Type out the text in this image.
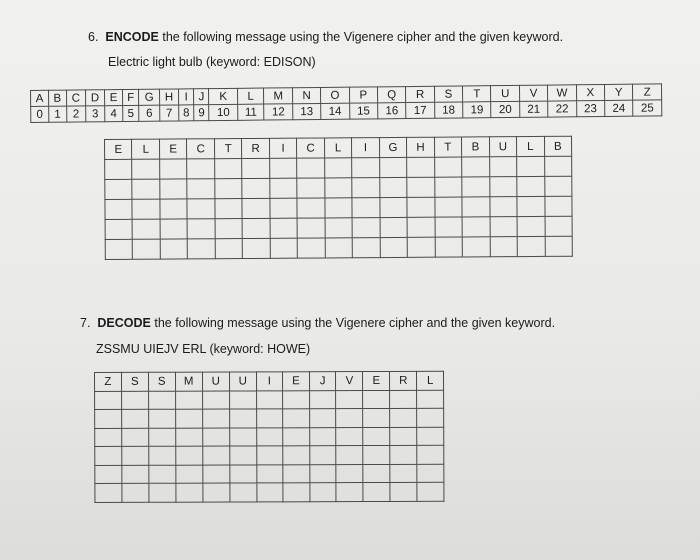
6. ENCODE the following message using the Vigenere cipher and the given keyword.
Electric light bulb (keyword: EDISON)
A	B	C	D	E	F	G	H	I	J	K	L	M	N	O	P	Q	R	S	T	U	V	W	X	Y	Z
0	1	2	3	4	5	6	7	8	9	10	11	12	13	14	15	16	17	18	19	20	21	22	23	24	25
E	L	E	C	T	R	I	C	L	I	G	H	T	B	U	L	B

7. DECODE the following message using the Vigenere cipher and the given keyword.
ZSSMU UIEJV ERL (keyword: HOWE)
Z	S	S	M	U	U	I	E	J	V	E	R	L
